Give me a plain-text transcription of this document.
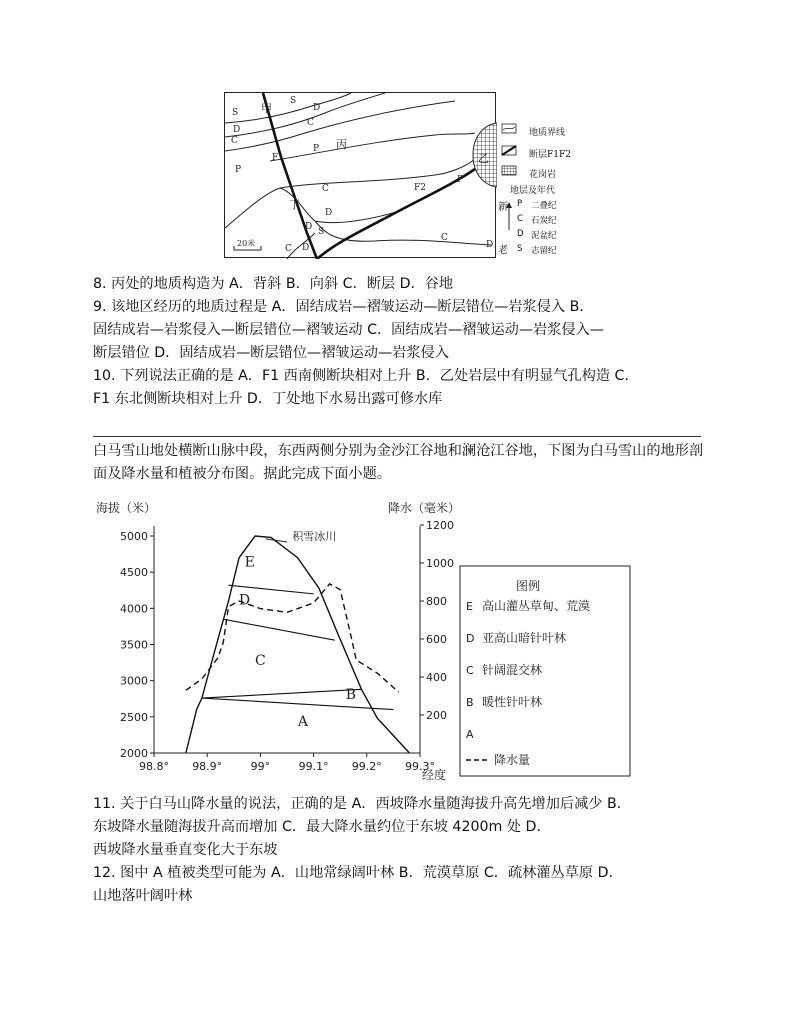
S 甲
S
D
C
D
C
P
F1
P 丙
C	F2
P
乙
丁
D
D S
C
D
C D
20米
地质界线
断层F1F2
花岗岩
地层及年代
新
老
P 二叠纪
C 石炭纪
D 泥盆纪
S 志留纪
8. 丙处的地质构造为 A．背斜 B．向斜 C．断层 D．谷地
9. 该地区经历的地质过程是 A．固结成岩—褶皱运动—断层错位—岩浆侵入 B．
固结成岩—岩浆侵入—断层错位—褶皱运动 C．固结成岩—褶皱运动—岩浆侵入—
断层错位 D．固结成岩—断层错位—褶皱运动—岩浆侵入
10. 下列说法正确的是 A．F1 西南侧断块相对上升 B．乙处岩层中有明显气孔构造 C．
F1 东北侧断块相对上升 D．丁处地下水易出露可修水库
白马雪山地处横断山脉中段，东西两侧分别为金沙江谷地和澜沧江谷地，下图为白马雪山的地形剖面及降水量和植被分布图。据此完成下面小题。
2000
2500
3000
3500
4000
4500
5000
200
400
600
800
1000
1200
98.8° 98.9°	99°	99.1° 99.2° 99.3°
海拔（米）	降水（毫米）
经度
E
D
C
B
A
积雪冰川
图例
E 高山灌丛草甸、荒漠
D 亚高山暗针叶林
C 针阔混交林
B 暖性针叶林
A
降水量
11. 关于白马山降水量的说法，正确的是 A．西坡降水量随海拔升高先增加后减少 B．
东坡降水量随海拔升高而增加 C．最大降水量约位于东坡 4200m 处 D．
西坡降水量垂直变化大于东坡
12. 图中 A 植被类型可能为 A．山地常绿阔叶林 B．荒漠草原 C．疏林灌丛草原 D．
山地落叶阔叶林
